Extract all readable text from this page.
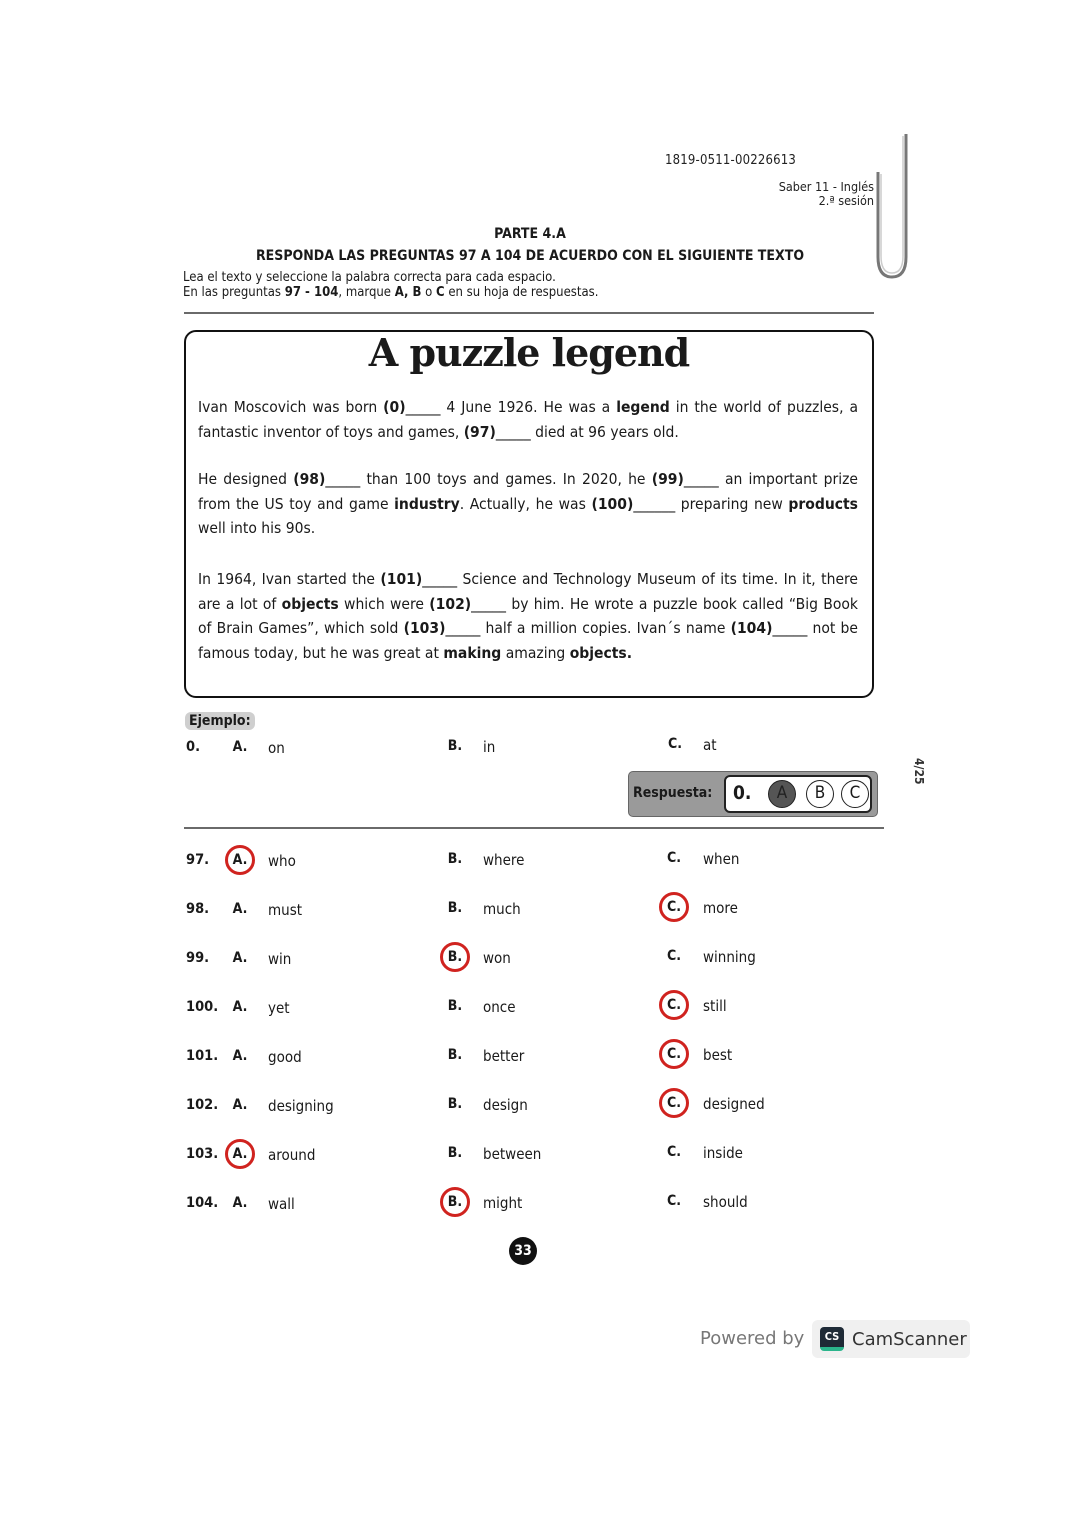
1819-0511-00226613
Saber 11 - Inglés
2.ª sesión
PARTE 4.A
RESPONDA LAS PREGUNTAS 97 A 104 DE ACUERDO CON EL SIGUIENTE TEXTO
Lea el texto y seleccione la palabra correcta para cada espacio.
En las preguntas 97 - 104, marque A, B o C en su hoja de respuestas.
A puzzle legend
Ivan Moscovich was born (0)_____ 4 June 1926. He was a legend in the world of puzzles, a fantastic inventor of toys and games, (97)_____ died at 96 years old.
He designed (98)_____ than 100 toys and games. In 2020, he (99)_____ an important prize from the US toy and game industry. Actually, he was (100)______ preparing new products well into his 90s.
In 1964, Ivan started the (101)_____ Science and Technology Museum of its time. In it, there are a lot of objects which were (102)_____ by him. He wrote a puzzle book called “Big Book of Brain Games”, which sold (103)_____ half a million copies. Ivan´s name (104)_____ not be famous today, but he was great at making amazing objects.
Ejemplo:
0.	A.	on	B.	in	C.	at
Respuesta: 0.	A	B	C
97.	A.	who	B.	where	C.	when
98.	A.	must	B.	much	C.	more
99.	A.	win	B.	won	C.	winning
100.	A.	yet	B.	once	C.	still
101.	A.	good	B.	better	C.	best
102.	A.	designing	B.	design	C.	designed
103.	A.	around	B.	between	C.	inside
104.	A.	wall	B.	might	C.	should
33
4/25
Powered by	CS CamScanner
